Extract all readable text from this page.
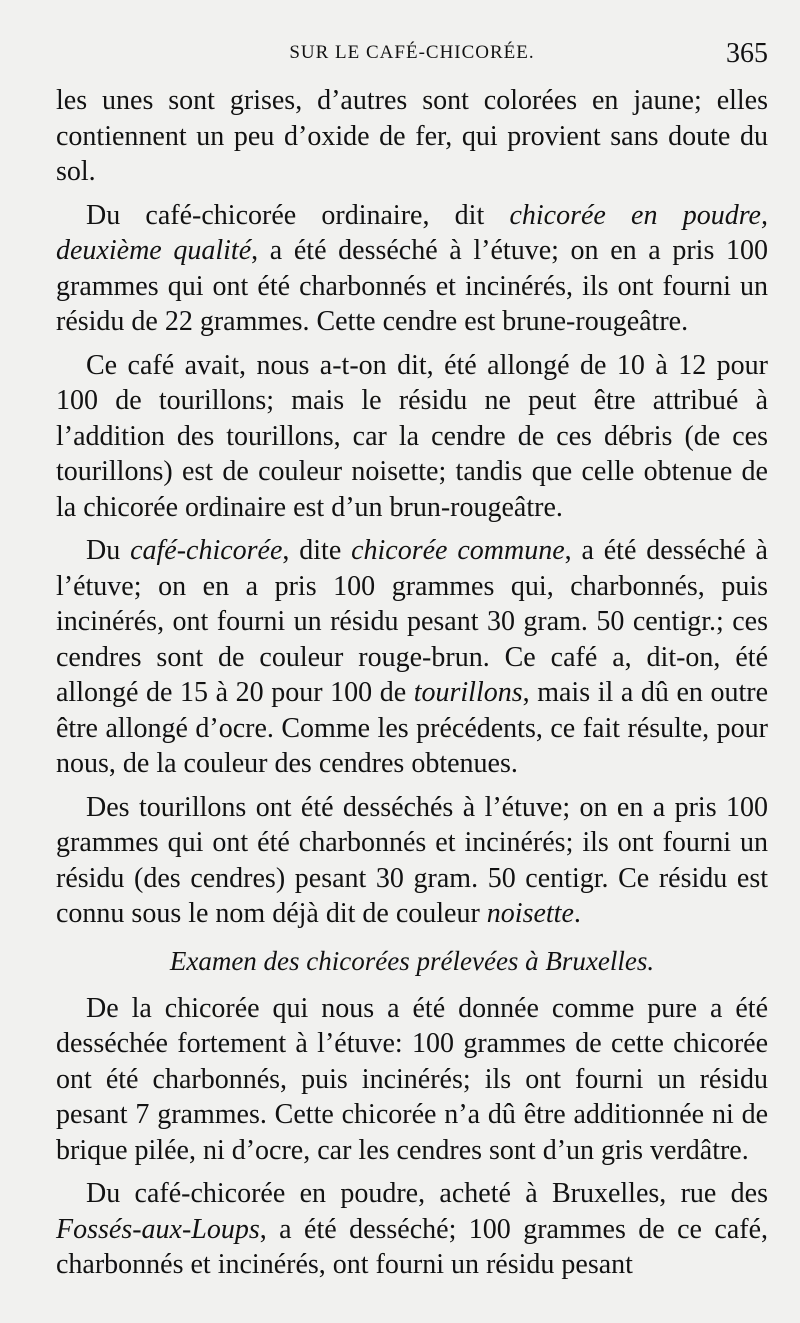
SUR LE CAFÉ-CHICORÉE.	365

les unes sont grises, d’autres sont colorées en jaune; elles contiennent un peu d’oxide de fer, qui provient sans doute du sol.

Du café-chicorée ordinaire, dit chicorée en poudre, deuxième qualité, a été desséché à l’étuve; on en a pris 100 grammes qui ont été charbonnés et incinérés, ils ont fourni un résidu de 22 grammes. Cette cendre est brune-rougeâtre.

Ce café avait, nous a-t-on dit, été allongé de 10 à 12 pour 100 de tourillons; mais le résidu ne peut être attribué à l’addition des tourillons, car la cendre de ces débris (de ces tourillons) est de couleur noisette; tandis que celle obtenue de la chicorée ordinaire est d’un brun-rougeâtre.

Du café-chicorée, dite chicorée commune, a été desséché à l’étuve; on en a pris 100 grammes qui, charbonnés, puis incinérés, ont fourni un résidu pesant 30 gram. 50 centigr.; ces cendres sont de couleur rouge-brun. Ce café a, dit-on, été allongé de 15 à 20 pour 100 de tourillons, mais il a dû en outre être allongé d’ocre. Comme les précédents, ce fait résulte, pour nous, de la couleur des cendres obtenues.

Des tourillons ont été desséchés à l’étuve; on en a pris 100 grammes qui ont été charbonnés et incinérés; ils ont fourni un résidu (des cendres) pesant 30 gram. 50 centigr. Ce résidu est connu sous le nom déjà dit de couleur noisette.

Examen des chicorées prélevées à Bruxelles.

De la chicorée qui nous a été donnée comme pure a été desséchée fortement à l’étuve: 100 grammes de cette chicorée ont été charbonnés, puis incinérés; ils ont fourni un résidu pesant 7 grammes. Cette chicorée n’a dû être additionnée ni de brique pilée, ni d’ocre, car les cendres sont d’un gris verdâtre.

Du café-chicorée en poudre, acheté à Bruxelles, rue des Fossés-aux-Loups, a été desséché; 100 grammes de ce café, charbonnés et incinérés, ont fourni un résidu pesant
